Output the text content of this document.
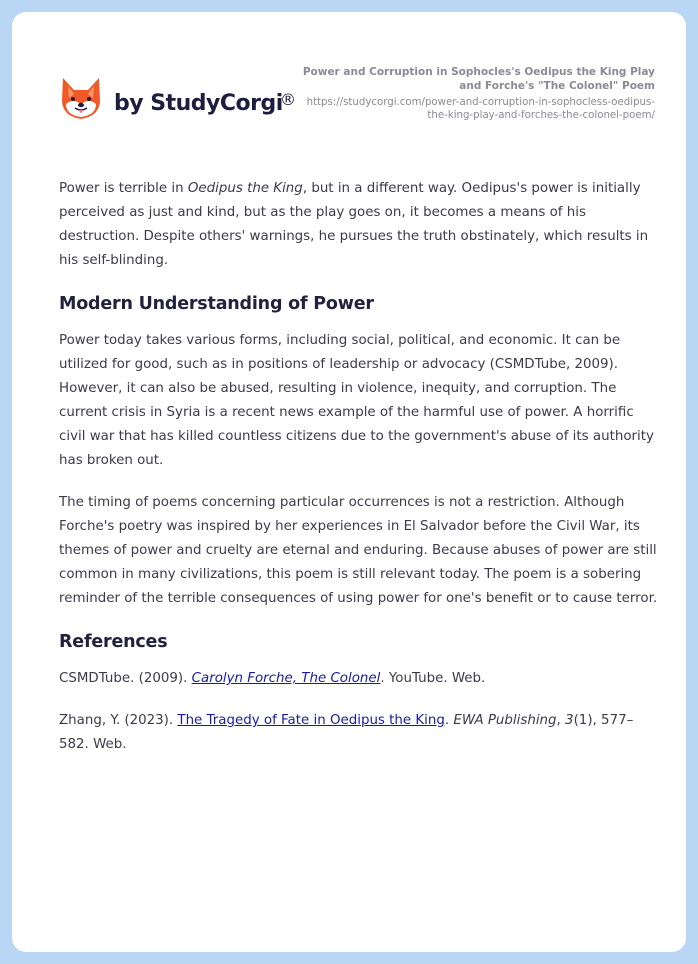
by StudyCorgi
®
Power and Corruption in Sophocles's Oedipus the King Play and Forche's "The Colonel" Poem
https://studycorgi.com/power-and-corruption-in-sophocless-oedipus-the-king-play-and-forches-the-colonel-poem/

Power is terrible in Oedipus the King, but in a different way. Oedipus's power is initially perceived as just and kind, but as the play goes on, it becomes a means of his destruction. Despite others' warnings, he pursues the truth obstinately, which results in his self-blinding.

Modern Understanding of Power

Power today takes various forms, including social, political, and economic. It can be utilized for good, such as in positions of leadership or advocacy (CSMDTube, 2009). However, it can also be abused, resulting in violence, inequity, and corruption. The current crisis in Syria is a recent news example of the harmful use of power. A horrific civil war that has killed countless citizens due to the government's abuse of its authority has broken out.

The timing of poems concerning particular occurrences is not a restriction. Although Forche's poetry was inspired by her experiences in El Salvador before the Civil War, its themes of power and cruelty are eternal and enduring. Because abuses of power are still common in many civilizations, this poem is still relevant today. The poem is a sobering reminder of the terrible consequences of using power for one's benefit or to cause terror.

References
CSMDTube. (2009). Carolyn Forche, The Colonel. YouTube. Web.
Zhang, Y. (2023). The Tragedy of Fate in Oedipus the King. EWA Publishing, 3(1), 577–582. Web.
